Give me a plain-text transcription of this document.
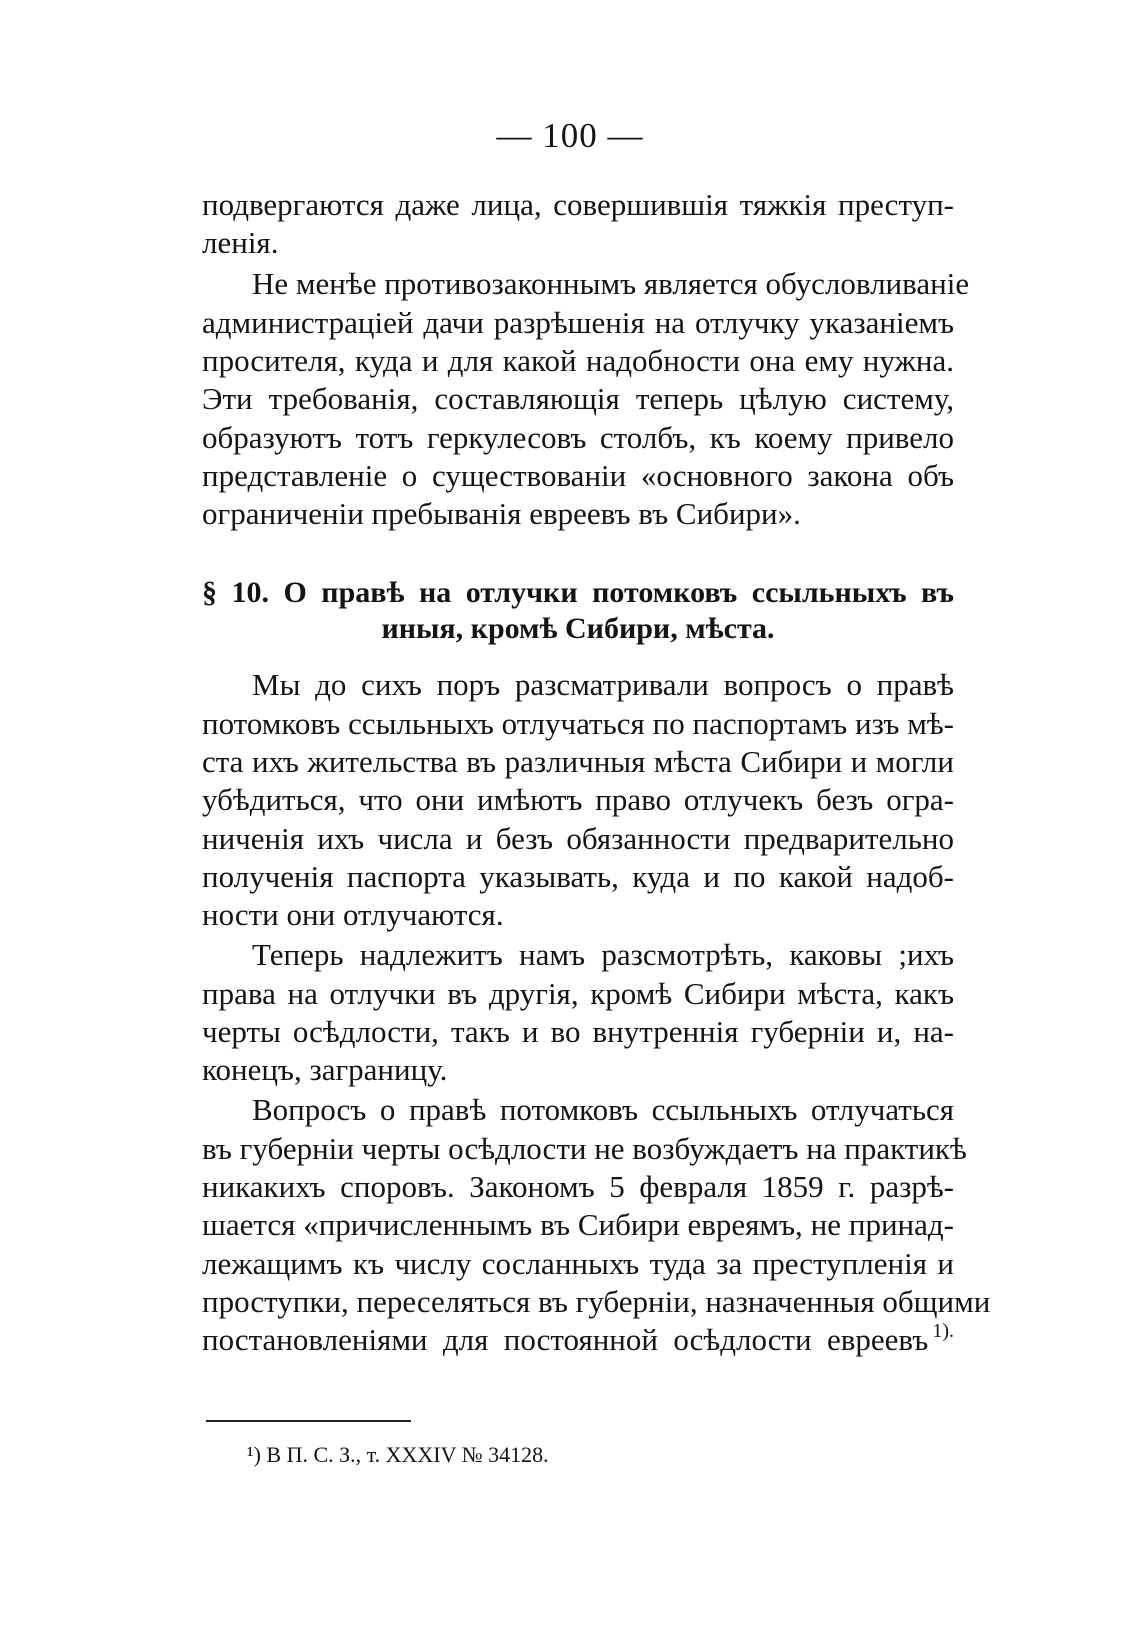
— 100 —
подвергаются даже лица, совершившія тяжкія преступ-
ленія.
Не менѣе противозаконнымъ является обусловливаніе
администраціей дачи разрѣшенія на отлучку указаніемъ
просителя, куда и для какой надобности она ему нужна.
Эти требованія, составляющія теперь цѣлую систему,
образуютъ тотъ геркулесовъ столбъ, къ коему привело
представленіе о существованіи «основного закона объ
ограниченіи пребыванія евреевъ въ Сибири».
§ 10. О правѣ на отлучки потомковъ ссыльныхъ въ
иныя, кромѣ Сибири, мѣста.
Мы до сихъ поръ разсматривали вопросъ о правѣ
потомковъ ссыльныхъ отлучаться по паспортамъ изъ мѣ-
ста ихъ жительства въ различныя мѣста Сибири и могли
убѣдиться, что они имѣютъ право отлучекъ безъ огра-
ниченія ихъ числа и безъ обязанности предварительно
полученія паспорта указывать, куда и по какой надоб-
ности они отлучаются.
Теперь надлежитъ намъ разсмотрѣть, каковы ;ихъ
права на отлучки въ другія, кромѣ Сибири мѣста, какъ
черты осѣдлости, такъ и во внутреннія губерніи и, на-
конецъ, заграницу.
Вопросъ о правѣ потомковъ ссыльныхъ отлучаться
въ губерніи черты осѣдлости не возбуждаетъ на практикѣ
никакихъ споровъ. Закономъ 5 февраля 1859 г. разрѣ-
шается «причисленнымъ въ Сибири евреямъ, не принад-
лежащимъ къ числу сосланныхъ туда за преступленія и
проступки, переселяться въ губерніи, назначенныя общими
постановленіями для постоянной осѣдлости евреевъ $^{1).}$
¹) В П. С. З., т. XXXIV № 34128.
